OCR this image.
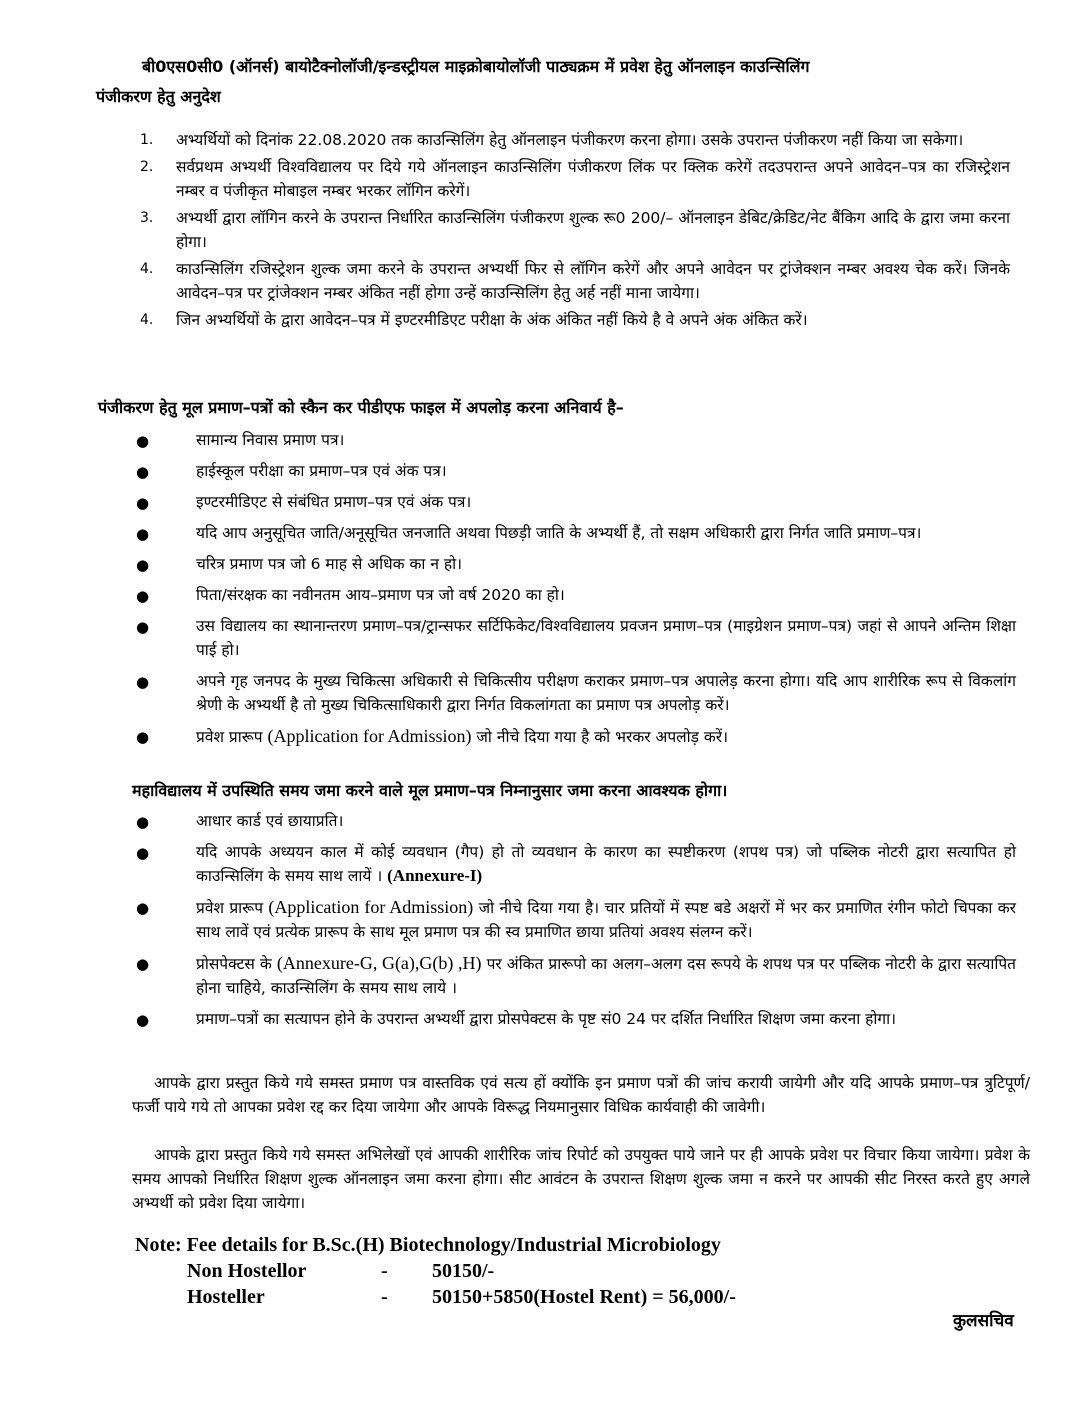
बी0एस0सी0 (ऑनर्स) बायोटैक्नोलॉजी/इन्डस्ट्रीयल माइक्रोबायोलॉजी पाठ्यक्रम में प्रवेश हेतु ऑनलाइन काउन्सिलिंग
पंजीकरण हेतु अनुदेश
1. अभ्यर्थियों को दिनांक 22.08.2020 तक काउन्सिलिंग हेतु ऑनलाइन पंजीकरण करना होगा। उसके उपरान्त पंजीकरण नहीं किया जा सकेगा।
2. सर्वप्रथम अभ्यर्थी विश्वविद्यालय पर दिये गये ऑनलाइन काउन्सिलिंग पंजीकरण लिंक पर क्लिक करेगें तदउपरान्त अपने आवेदन–पत्र का रजिस्ट्रेशन नम्बर व पंजीकृत मोबाइल नम्बर भरकर लॉगिन करेगें।
3. अभ्यर्थी द्वारा लॉगिन करने के उपरान्त निर्धारित काउन्सिलिंग पंजीकरण शुल्क रू0 200/– ऑनलाइन डेबिट/क्रेडिट/नेट बैंकिग आदि के द्वारा जमा करना होगा।
4. काउन्सिलिंग रजिस्ट्रेशन शुल्क जमा करने के उपरान्त अभ्यर्थी फिर से लॉगिन करेगें और अपने आवेदन पर ट्रांजेक्शन नम्बर अवश्य चेक करें। जिनके आवेदन–पत्र पर ट्रांजेक्शन नम्बर अंकित नहीं होगा उन्हें काउन्सिलिंग हेतु अर्ह नहीं माना जायेगा।
4. जिन अभ्यर्थियों के द्वारा आवेदन–पत्र में इण्टरमीडिएट परीक्षा के अंक अंकित नहीं किये है वे अपने अंक अंकित करें।
पंजीकरण हेतु मूल प्रमाण–पत्रों को स्कैन कर पीडीएफ फाइल में अपलोड़ करना अनिवार्य है–
●	सामान्य निवास प्रमाण पत्र।
●	हाईस्कूल परीक्षा का प्रमाण–पत्र एवं अंक पत्र।
●	इण्टरमीडिएट से संबंधित प्रमाण–पत्र एवं अंक पत्र।
●	यदि आप अनुसूचित जाति/अनूसूचित जनजाति अथवा पिछड़ी जाति के अभ्यर्थी हैं, तो सक्षम अधिकारी द्वारा निर्गत जाति प्रमाण–पत्र।
●	चरित्र प्रमाण पत्र जो 6 माह से अधिक का न हो।
●	पिता/संरक्षक का नवीनतम आय–प्रमाण पत्र जो वर्ष 2020 का हो।
●	उस विद्यालय का स्थानान्तरण प्रमाण–पत्र/ट्रान्सफर सर्टिफिकेट/विश्वविद्यालय प्रवजन प्रमाण–पत्र (माइग्रेशन प्रमाण–पत्र) जहां से आपने अन्तिम शिक्षा पाई हो।
●	अपने गृह जनपद के मुख्य चिकित्सा अधिकारी से चिकित्सीय परीक्षण कराकर प्रमाण–पत्र अपालेड़ करना होगा। यदि आप शारीरिक रूप से विकलांग श्रेणी के अभ्यर्थी है तो मुख्य चिकित्साधिकारी द्वारा निर्गत विकलांगता का प्रमाण पत्र अपलोड़ करें।
●	प्रवेश प्रारूप (Application for Admission) जो नीचे दिया गया है को भरकर अपलोड़ करें।
महाविद्यालय में उपस्थिति समय जमा करने वाले मूल प्रमाण–पत्र निम्नानुसार जमा करना आवश्यक होगा।
●	आधार कार्ड एवं छायाप्रति।
●	यदि आपके अध्ययन काल में कोई व्यवधान (गैप) हो तो व्यवधान के कारण का स्पष्टीकरण (शपथ पत्र) जो पब्लिक नोटरी द्वारा सत्यापित हो काउन्सिलिंग के समय साथ लायें । (Annexure-I)
●	प्रवेश प्रारूप (Application for Admission) जो नीचे दिया गया है। चार प्रतियों में स्पष्ट बडे अक्षरों में भर कर प्रमाणित रंगीन फोटो चिपका कर साथ लावें एवं प्रत्येक प्रारूप के साथ मूल प्रमाण पत्र की स्व प्रमाणित छाया प्रतियां अवश्य संलग्न करें।
●	प्रोसपेक्टस के (Annexure-G, G(a),G(b) ,H) पर अंकित प्रारूपो का अलग–अलग दस रूपये के शपथ पत्र पर पब्लिक नोटरी के द्वारा सत्यापित होना चाहिये, काउन्सिलिंग के समय साथ लाये ।
●	प्रमाण–पत्रों का सत्यापन होने के उपरान्त अभ्यर्थी द्वारा प्रोसपेक्टस के पृष्ट सं0 24 पर दर्शित निर्धारित शिक्षण जमा करना होगा।
आपके द्वारा प्रस्तुत किये गये समस्त प्रमाण पत्र वास्तविक एवं सत्य हों क्योंकि इन प्रमाण पत्रों की जांच करायी जायेगी और यदि आपके प्रमाण–पत्र त्रुटिपूर्ण/फर्जी पाये गये तो आपका प्रवेश रद्द कर दिया जायेगा और आपके विरूद्ध नियमानुसार विधिक कार्यवाही की जावेगी।
आपके द्वारा प्रस्तुत किये गये समस्त अभिलेखों एवं आपकी शारीरिक जांच रिपोर्ट को उपयुक्त पाये जाने पर ही आपके प्रवेश पर विचार किया जायेगा। प्रवेश के समय आपको निर्धारित शिक्षण शुल्क ऑनलाइन जमा करना होगा। सीट आवंटन के उपरान्त शिक्षण शुल्क जमा न करने पर आपकी सीट निरस्त करते हुए अगले अभ्यर्थी को प्रवेश दिया जायेगा।
Note: Fee details for B.Sc.(H) Biotechnology/Industrial Microbiology
Non Hostellor	- 50150/-
Hosteller	- 50150+5850(Hostel Rent) = 56,000/-
कुलसचिव
